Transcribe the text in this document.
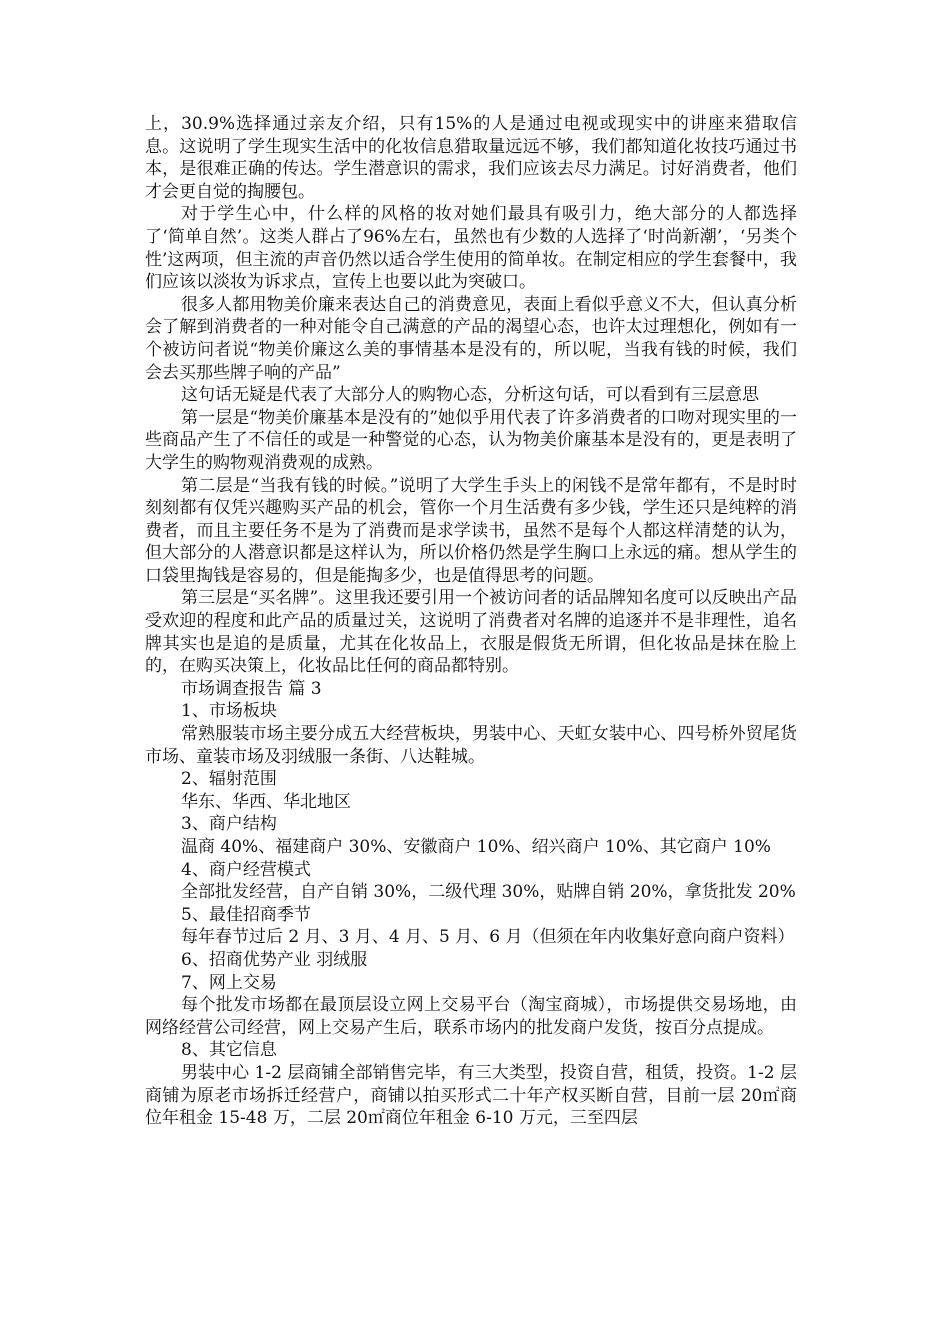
上，30.9%选择通过亲友介绍，只有15%的人是通过电视或现实中的讲座来猎取信息。这说明了学生现实生活中的化妆信息猎取量远远不够，我们都知道化妆技巧通过书本，是很难正确的传达。学生潜意识的需求，我们应该去尽力满足。讨好消费者，他们才会更自觉的掏腰包。

对于学生心中，什么样的风格的妆对她们最具有吸引力，绝大部分的人都选择了‘简单自然’。这类人群占了96%左右，虽然也有少数的人选择了‘时尚新潮’，‘另类个性’这两项，但主流的声音仍然以适合学生使用的简单妆。在制定相应的学生套餐中，我们应该以淡妆为诉求点，宣传上也要以此为突破口。

很多人都用物美价廉来表达自己的消费意见，表面上看似乎意义不大，但认真分析会了解到消费者的一种对能令自己满意的产品的渴望心态，也许太过理想化，例如有一个被访问者说“物美价廉这么美的事情基本是没有的，所以呢，当我有钱的时候，我们会去买那些牌子响的产品”

这句话无疑是代表了大部分人的购物心态，分析这句话，可以看到有三层意思

第一层是“物美价廉基本是没有的”她似乎用代表了许多消费者的口吻对现实里的一些商品产生了不信任的或是一种警觉的心态，认为物美价廉基本是没有的，更是表明了大学生的购物观消费观的成熟。

第二层是“当我有钱的时候。”说明了大学生手头上的闲钱不是常年都有，不是时时刻刻都有仅凭兴趣购买产品的机会，管你一个月生活费有多少钱，学生还只是纯粹的消费者，而且主要任务不是为了消费而是求学读书，虽然不是每个人都这样清楚的认为，但大部分的人潜意识都是这样认为，所以价格仍然是学生胸口上永远的痛。想从学生的口袋里掏钱是容易的，但是能掏多少，也是值得思考的问题。

第三层是“买名牌”。这里我还要引用一个被访问者的话品牌知名度可以反映出产品受欢迎的程度和此产品的质量过关，这说明了消费者对名牌的追逐并不是非理性，追名牌其实也是追的是质量，尤其在化妆品上，衣服是假货无所谓，但化妆品是抹在脸上的，在购买决策上，化妆品比任何的商品都特别。

市场调查报告 篇 3

1、市场板块

常熟服装市场主要分成五大经营板块，男装中心、天虹女装中心、四号桥外贸尾货市场、童装市场及羽绒服一条街、八达鞋城。

2、辐射范围

华东、华西、华北地区

3、商户结构

温商 40%、福建商户 30%、安徽商户 10%、绍兴商户 10%、其它商户 10%

4、商户经营模式

全部批发经营，自产自销 30%，二级代理 30%，贴牌自销 20%，拿货批发 20%

5、最佳招商季节

每年春节过后 2 月、3 月、4 月、5 月、6 月（但须在年内收集好意向商户资料）

6、招商优势产业 羽绒服

7、网上交易

每个批发市场都在最顶层设立网上交易平台（淘宝商城），市场提供交易场地，由网络经营公司经营，网上交易产生后，联系市场内的批发商户发货，按百分点提成。

8、其它信息

男装中心 1-2 层商铺全部销售完毕，有三大类型，投资自营，租赁，投资。1-2 层商铺为原老市场拆迁经营户，商铺以拍买形式二十年产权买断自营，目前一层 20㎡商位年租金 15-48 万，二层 20㎡商位年租金 6-10 万元，三至四层
